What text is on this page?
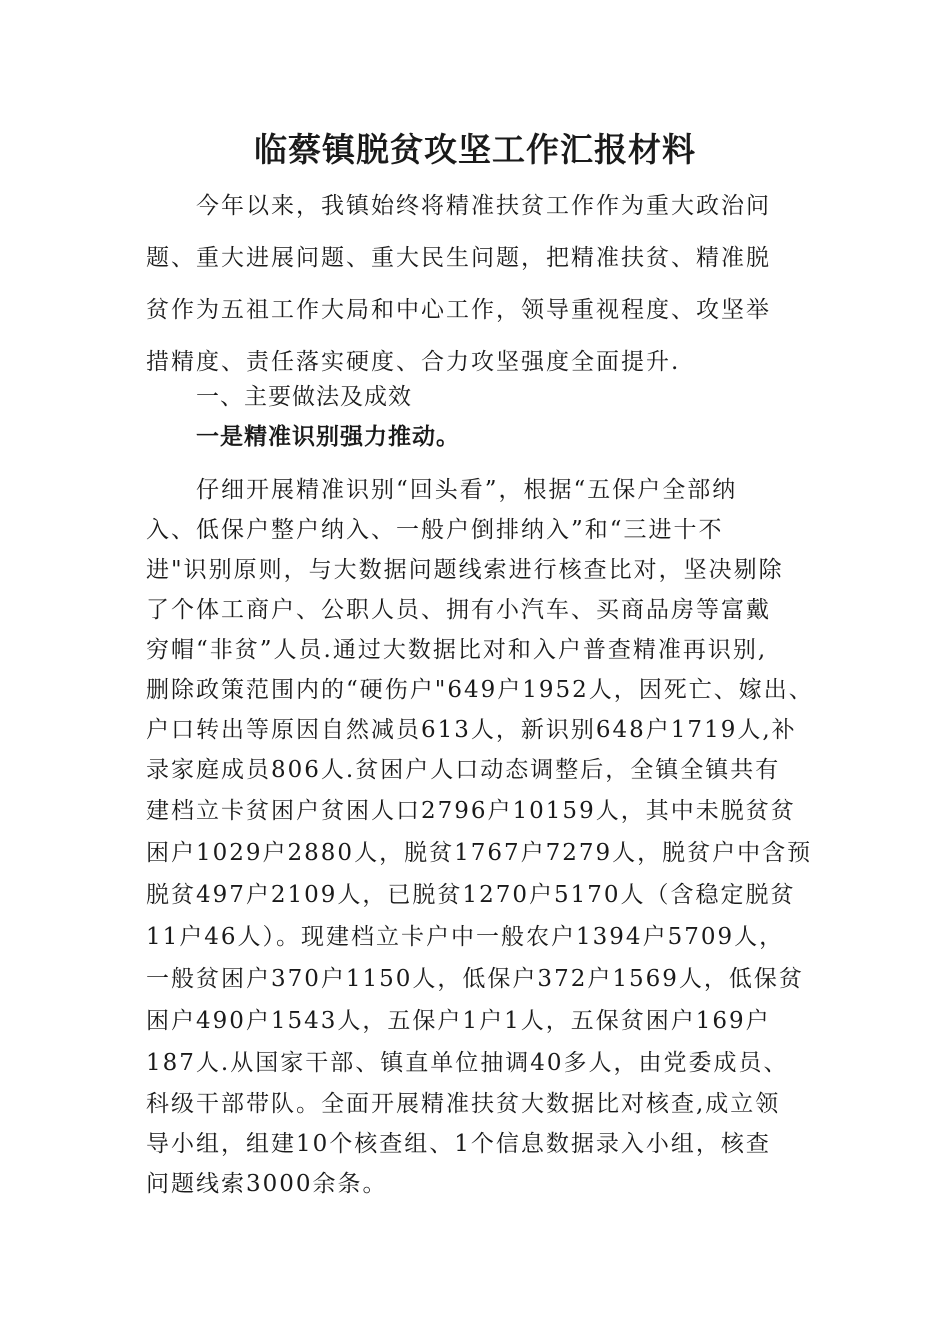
临蔡镇脱贫攻坚工作汇报材料
今年以来，我镇始终将精准扶贫工作作为重大政治问
题、重大进展问题、重大民生问题，把精准扶贫、精准脱
贫作为五祖工作大局和中心工作，领导重视程度、攻坚举
措精度、责任落实硬度、合力攻坚强度全面提升.
一、主要做法及成效
一是精准识别强力推动。
仔细开展精准识别“回头看”，根据“五保户全部纳
入、低保户整户纳入、一般户倒排纳入”和“三进十不
进"识别原则，与大数据问题线索进行核查比对，坚决剔除
了个体工商户、公职人员、拥有小汽车、买商品房等富戴
穷帽“非贫”人员.通过大数据比对和入户普查精准再识别,
删除政策范围内的“硬伤户"649户1952人，因死亡、嫁出、
户口转出等原因自然减员613人，新识别648户1719人,补
录家庭成员806人.贫困户人口动态调整后，全镇全镇共有
建档立卡贫困户贫困人口2796户10159人，其中未脱贫贫
困户1029户2880人，脱贫1767户7279人，脱贫户中含预
脱贫497户2109人，已脱贫1270户5170人（含稳定脱贫
11户46人）。现建档立卡户中一般农户1394户5709人，
一般贫困户370户1150人，低保户372户1569人，低保贫
困户490户1543人，五保户1户1人，五保贫困户169户
187人.从国家干部、镇直单位抽调40多人，由党委成员、
科级干部带队。全面开展精准扶贫大数据比对核查,成立领
导小组，组建10个核查组、1个信息数据录入小组，核查
问题线索3000余条。
